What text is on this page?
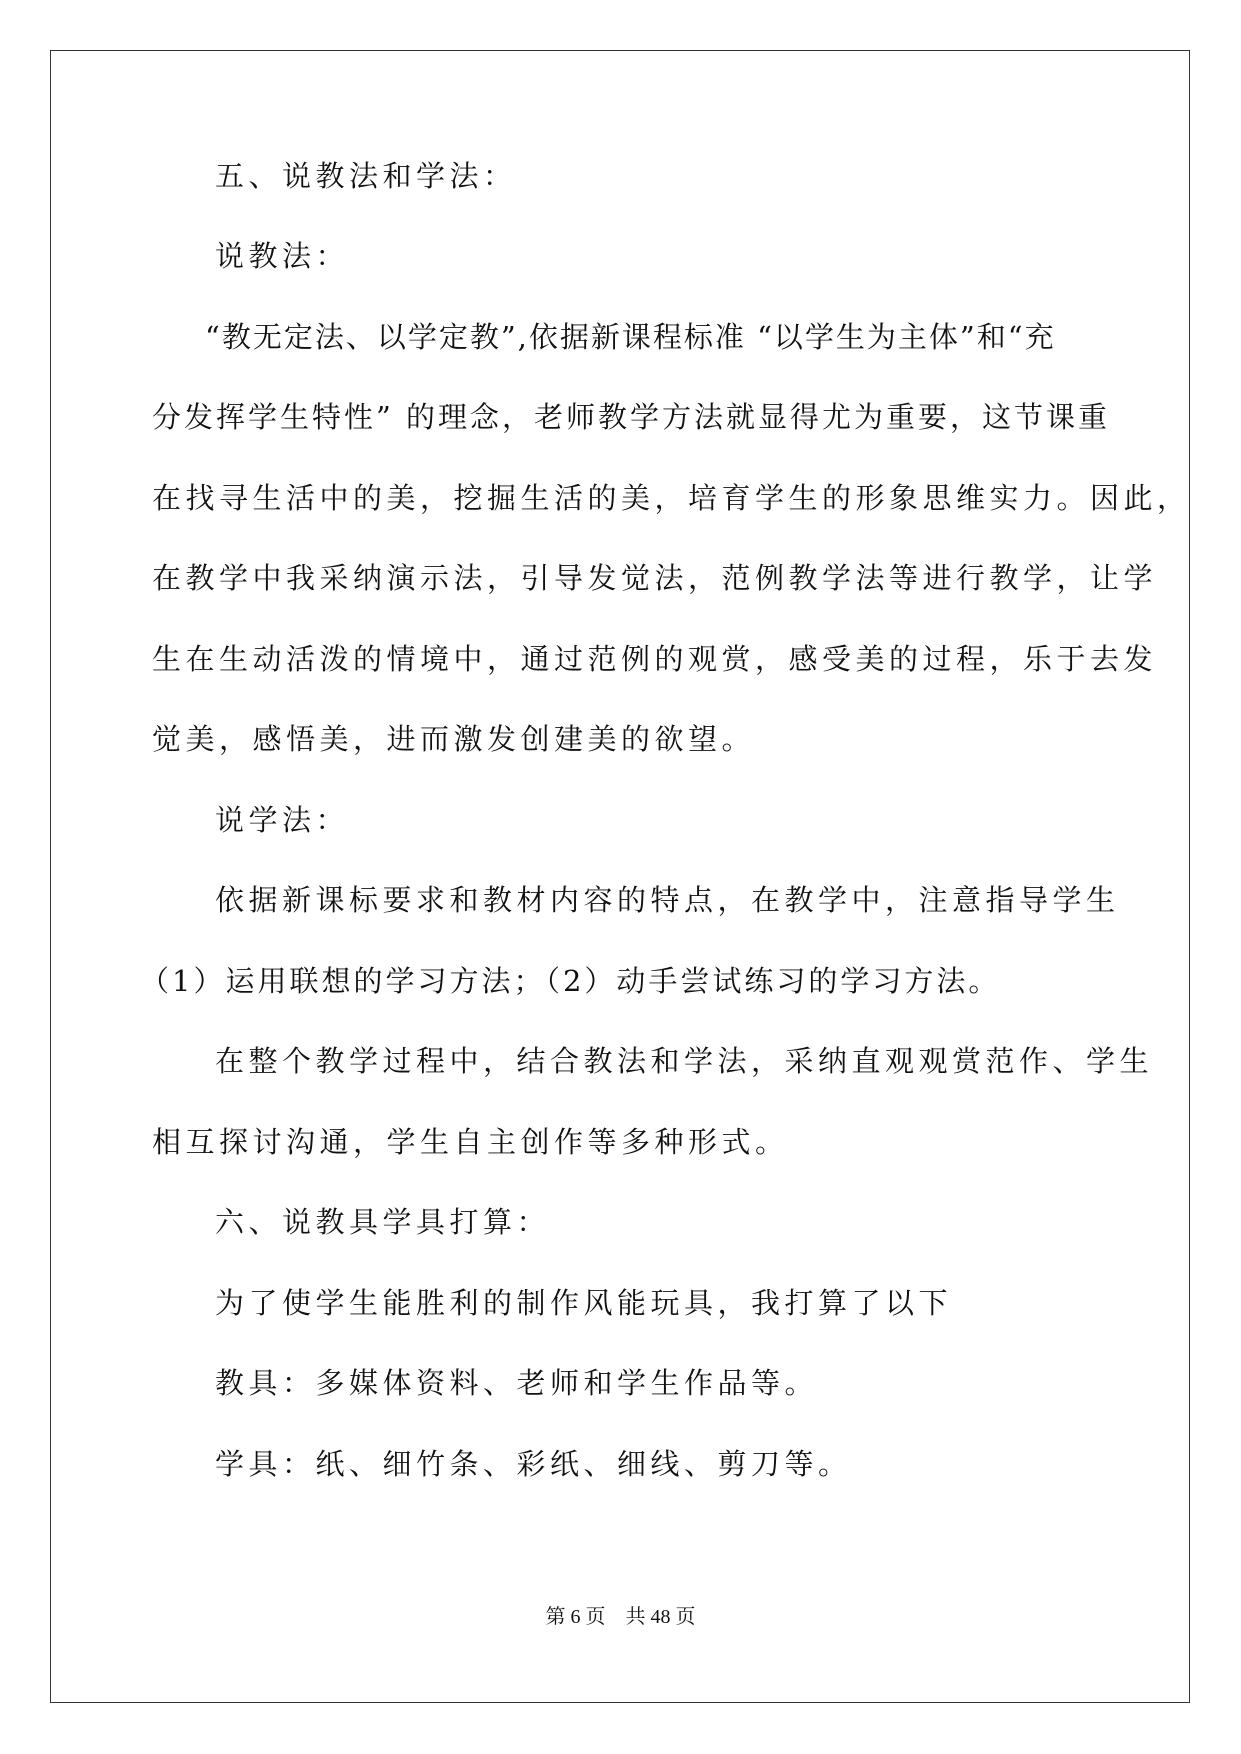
五、说教法和学法：
说教法：
“教无定法、以学定教”,依据新课程标准 “以学生为主体”和“充
分发挥学生特性” 的理念，老师教学方法就显得尤为重要，这节课重
在找寻生活中的美，挖掘生活的美，培育学生的形象思维实力。因此，
在教学中我采纳演示法，引导发觉法，范例教学法等进行教学，让学
生在生动活泼的情境中，通过范例的观赏，感受美的过程，乐于去发
觉美，感悟美，进而激发创建美的欲望。
说学法：
依据新课标要求和教材内容的特点，在教学中，注意指导学生
（1）运用联想的学习方法；（2）动手尝试练习的学习方法。
在整个教学过程中，结合教法和学法，采纳直观观赏范作、学生
相互探讨沟通，学生自主创作等多种形式。
六、说教具学具打算：
为了使学生能胜利的制作风能玩具，我打算了以下
教具：多媒体资料、老师和学生作品等。
学具：纸、细竹条、彩纸、细线、剪刀等。
第 6 页    共 48 页
